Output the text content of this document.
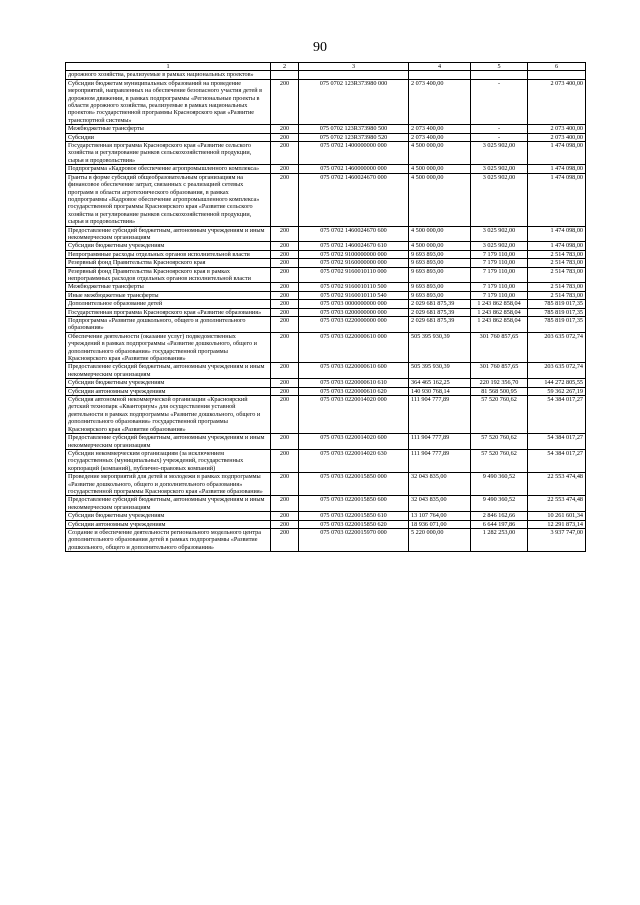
90
1	2	3	4	5	6
дорожного хозяйства, реализуемые в рамках национальных проектов»					
Субсидии бюджетам муниципальных образований на проведение мероприятий, направленных на обеспечение безопасного участия детей в дорожном движении, в рамках подпрограммы «Региональные проекты в области дорожного хозяйства, реализуемые в рамках национальных проектов» государственной программы Красноярского края «Развитие транспортной системы»	200	075 0702 123R373980 000	2 073 400,00	-	2 073 400,00
Межбюджетные трансферты	200	075 0702 123R373980 500	2 073 400,00	-	2 073 400,00
Субсидии	200	075 0702 123R373980 520	2 073 400,00	-	2 073 400,00
Государственная программа Красноярского края «Развитие сельского хозяйства и регулирование рынков сельскохозяйственной продукции, сырья и продовольствия»	200	075 0702 1400000000 000	4 500 000,00	3 025 902,00	1 474 098,00
Подпрограмма «Кадровое обеспечение агропромышленного комплекса»	200	075 0702 1460000000 000	4 500 000,00	3 025 902,00	1 474 098,00
Гранты в форме субсидий общеобразовательным организациям на финансовое обеспечение затрат, связанных с реализацией сетевых программ в области агротехнического образования, в рамках подпрограммы «Кадровое обеспечение агропромышленного комплекса» государственной программы Красноярского края «Развитие сельского хозяйства и регулирование рынков сельскохозяйственной продукции, сырья и продовольствия»	200	075 0702 1460024670 000	4 500 000,00	3 025 902,00	1 474 098,00
Предоставление субсидий бюджетным, автономным учреждениям и иным некоммерческим организациям	200	075 0702 1460024670 600	4 500 000,00	3 025 902,00	1 474 098,00
Субсидии бюджетным учреждениям	200	075 0702 1460024670 610	4 500 000,00	3 025 902,00	1 474 098,00
Непрограммные расходы отдельных органов исполнительной власти	200	075 0702 9100000000 000	9 693 893,00	7 179 110,00	2 514 783,00
Резервный фонд Правительства Красноярского края	200	075 0702 9160000000 000	9 693 893,00	7 179 110,00	2 514 783,00
Резервный фонд Правительства Красноярского края в рамках непрограммных расходов отдельных органов исполнительной власти	200	075 0702 9160010110 000	9 693 893,00	7 179 110,00	2 514 783,00
Межбюджетные трансферты	200	075 0702 9160010110 500	9 693 893,00	7 179 110,00	2 514 783,00
Иные межбюджетные трансферты	200	075 0702 9160010110 540	9 693 893,00	7 179 110,00	2 514 783,00
Дополнительное образование детей	200	075 0703 0000000000 000	2 029 681 875,39	1 243 862 858,04	785 819 017,35
Государственная программа Красноярского края «Развитие образования»	200	075 0703 0200000000 000	2 029 681 875,39	1 243 862 858,04	785 819 017,35
Подпрограмма «Развитие дошкольного, общего и дополнительного образования»	200	075 0703 0220000000 000	2 029 681 875,39	1 243 862 858,04	785 819 017,35
Обеспечение деятельности (оказание услуг) подведомственных учреждений в рамках подпрограммы «Развитие дошкольного, общего и дополнительного образования» государственной программы Красноярского края «Развитие образования»	200	075 0703 0220000610 000	505 395 930,39	301 760 857,65	203 635 072,74
Предоставление субсидий бюджетным, автономным учреждениям и иным некоммерческим организациям	200	075 0703 0220000610 600	505 395 930,39	301 760 857,65	203 635 072,74
Субсидии бюджетным учреждениям	200	075 0703 0220000610 610	364 465 162,25	220 192 356,70	144 272 805,55
Субсидии автономным учреждениям	200	075 0703 0220000610 620	140 930 768,14	81 568 500,95	59 362 267,19
Субсидия автономной некоммерческой организации «Красноярский детский технопарк «Кванториум» для осуществления уставной деятельности в рамках подпрограммы «Развитие дошкольного, общего и дополнительного образования» государственной программы Красноярского края «Развитие образования»	200	075 0703 0220014020 000	111 904 777,89	57 520 760,62	54 384 017,27
Предоставление субсидий бюджетным, автономным учреждениям и иным некоммерческим организациям	200	075 0703 0220014020 600	111 904 777,89	57 520 760,62	54 384 017,27
Субсидии некоммерческим организациям (за исключением государственных (муниципальных) учреждений, государственных корпораций (компаний), публично-правовых компаний)	200	075 0703 0220014020 630	111 904 777,89	57 520 760,62	54 384 017,27
Проведение мероприятий для детей и молодежи в рамках подпрограммы «Развитие дошкольного, общего и дополнительного образования» государственной программы Красноярского края «Развитие образования»	200	075 0703 0220015850 000	32 043 835,00	9 490 360,52	22 553 474,48
Предоставление субсидий бюджетным, автономным учреждениям и иным некоммерческим организациям	200	075 0703 0220015850 600	32 043 835,00	9 490 360,52	22 553 474,48
Субсидии бюджетным учреждениям	200	075 0703 0220015850 610	13 107 764,00	2 846 162,66	10 261 601,34
Субсидии автономным учреждениям	200	075 0703 0220015850 620	18 936 071,00	6 644 197,86	12 291 873,14
Создание и обеспечение деятельности регионального модельного центра дополнительного образования детей в рамках подпрограммы «Развитие дошкольного, общего и дополнительного образования»	200	075 0703 0220015970 000	5 220 000,00	1 282 253,00	3 937 747,00
